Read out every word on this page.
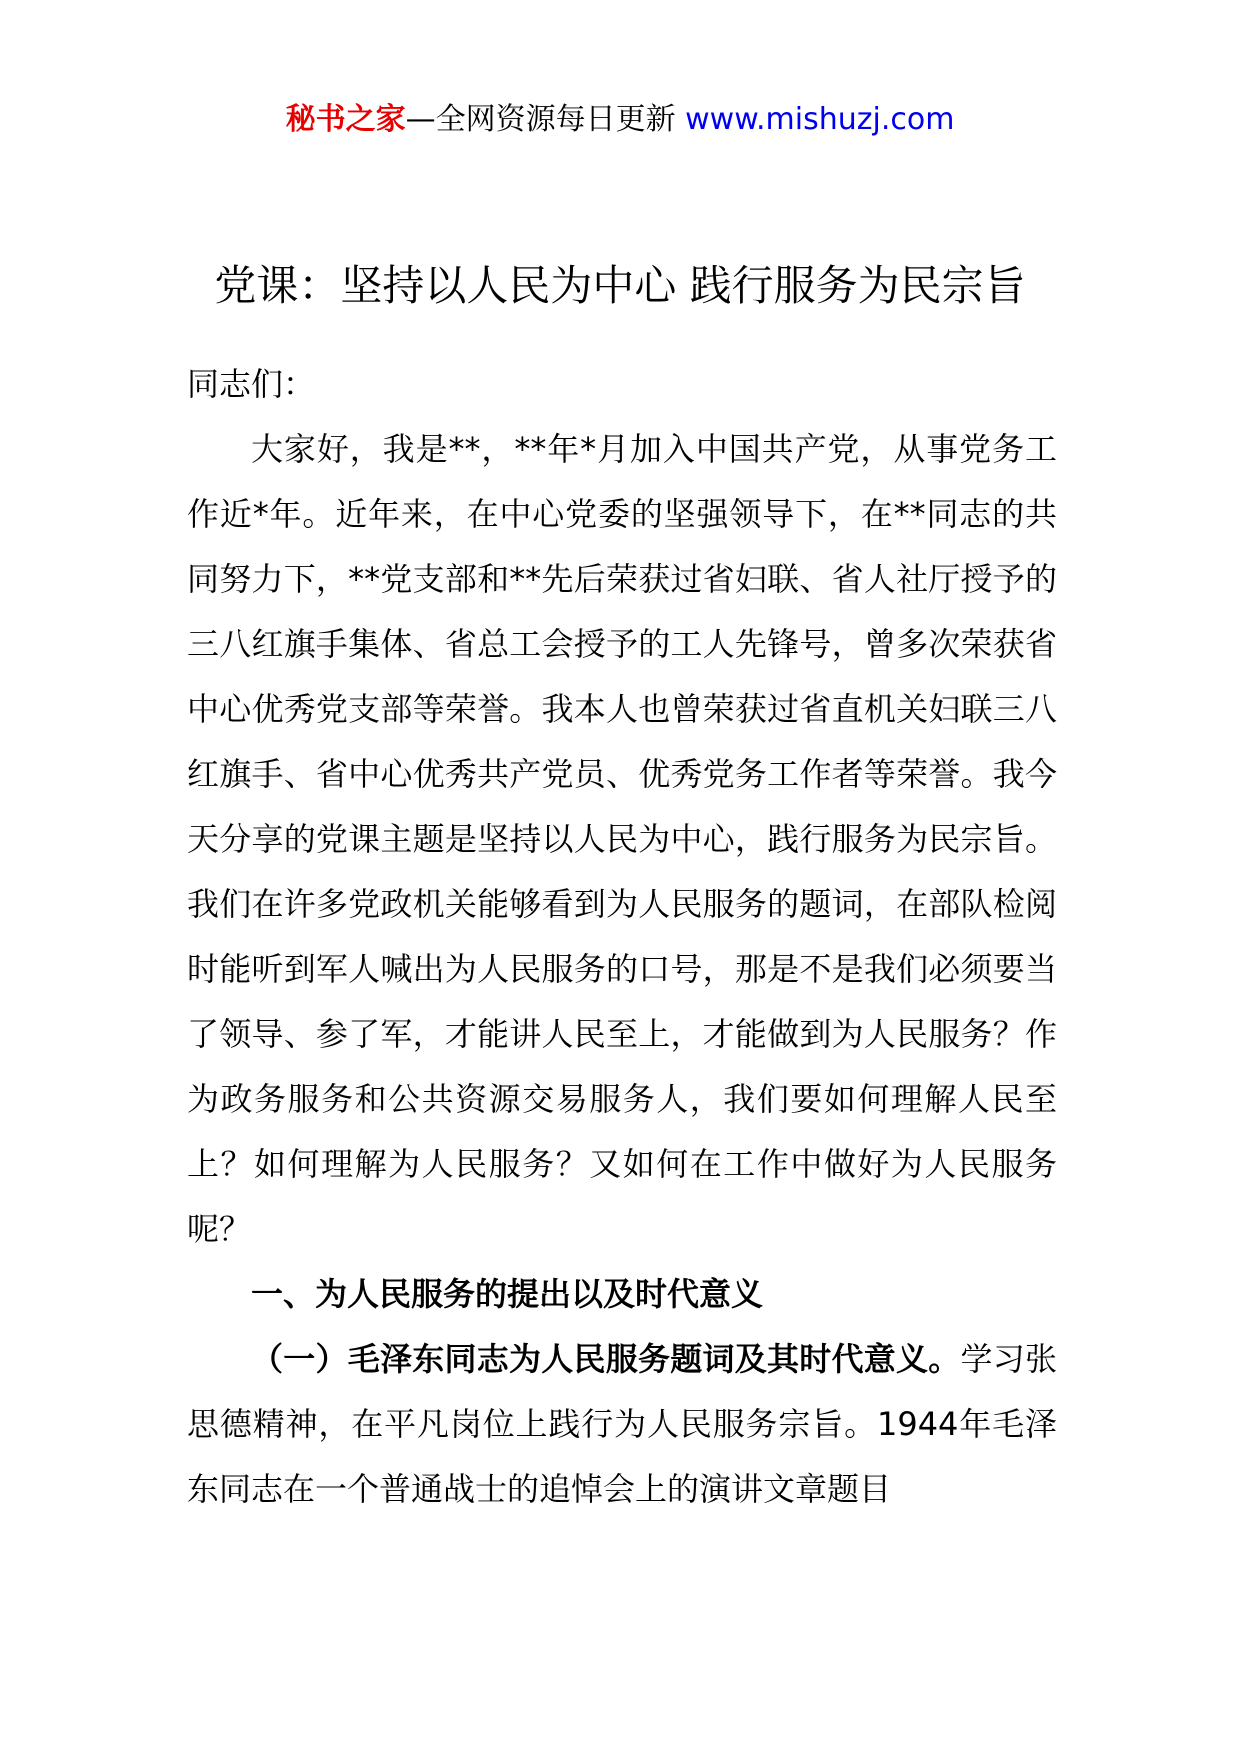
秘书之家—全网资源每日更新 www.mishuzj.com
党课：坚持以人民为中心 践行服务为民宗旨

同志们：

大家好，我是**，**年*月加入中国共产党，从事党务工作近*年。近年来，在中心党委的坚强领导下，在**同志的共同努力下，**党支部和**先后荣获过省妇联、省人社厅授予的三八红旗手集体、省总工会授予的工人先锋号，曾多次荣获省中心优秀党支部等荣誉。我本人也曾荣获过省直机关妇联三八红旗手、省中心优秀共产党员、优秀党务工作者等荣誉。我今天分享的党课主题是坚持以人民为中心，践行服务为民宗旨。我们在许多党政机关能够看到为人民服务的题词，在部队检阅时能听到军人喊出为人民服务的口号，那是不是我们必须要当了领导、参了军，才能讲人民至上，才能做到为人民服务？作为政务服务和公共资源交易服务人，我们要如何理解人民至上？如何理解为人民服务？又如何在工作中做好为人民服务呢？

一、为人民服务的提出以及时代意义

（一）毛泽东同志为人民服务题词及其时代意义。学习张思德精神，在平凡岗位上践行为人民服务宗旨。1944年毛泽东同志在一个普通战士的追悼会上的演讲文章题目
